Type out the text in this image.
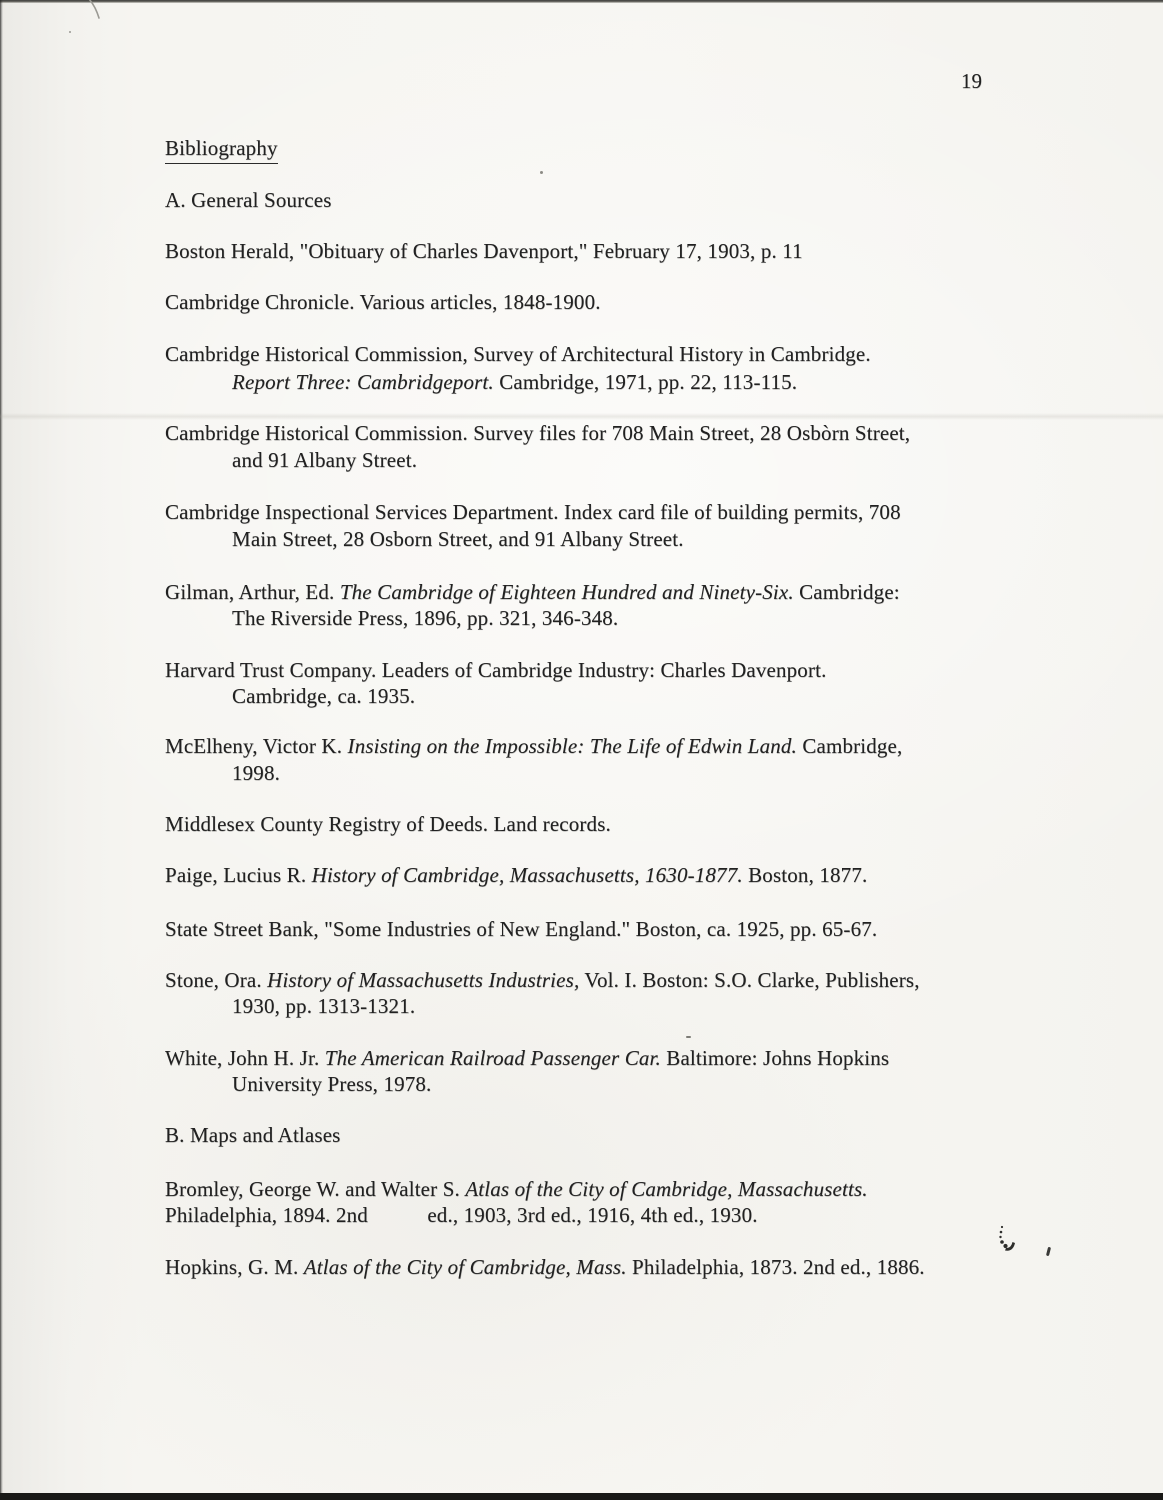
19
Bibliography
A. General Sources
Boston Herald, "Obituary of Charles Davenport," February 17, 1903, p. 11
Cambridge Chronicle. Various articles, 1848-1900.
Cambridge Historical Commission, Survey of Architectural History in Cambridge.
Report Three: Cambridgeport. Cambridge, 1971, pp. 22, 113-115.
Cambridge Historical Commission. Survey files for 708 Main Street, 28 Osbòrn Street,
and 91 Albany Street.
Cambridge Inspectional Services Department. Index card file of building permits, 708
Main Street, 28 Osborn Street, and 91 Albany Street.
Gilman, Arthur, Ed. The Cambridge of Eighteen Hundred and Ninety-Six. Cambridge:
The Riverside Press, 1896, pp. 321, 346-348.
Harvard Trust Company. Leaders of Cambridge Industry: Charles Davenport.
Cambridge, ca. 1935.
McElheny, Victor K. Insisting on the Impossible: The Life of Edwin Land. Cambridge,
1998.
Middlesex County Registry of Deeds. Land records.
Paige, Lucius R. History of Cambridge, Massachusetts, 1630-1877. Boston, 1877.
State Street Bank, "Some Industries of New England." Boston, ca. 1925, pp. 65-67.
Stone, Ora. History of Massachusetts Industries, Vol. I. Boston: S.O. Clarke, Publishers,
1930, pp. 1313-1321.
White, John H. Jr. The American Railroad Passenger Car. Baltimore: Johns Hopkins
University Press, 1978.
B. Maps and Atlases
Bromley, George W. and Walter S. Atlas of the City of Cambridge, Massachusetts.
Philadelphia, 1894. 2nd           ed., 1903, 3rd ed., 1916, 4th ed., 1930.
Hopkins, G. M. Atlas of the City of Cambridge, Mass. Philadelphia, 1873. 2nd ed., 1886.
